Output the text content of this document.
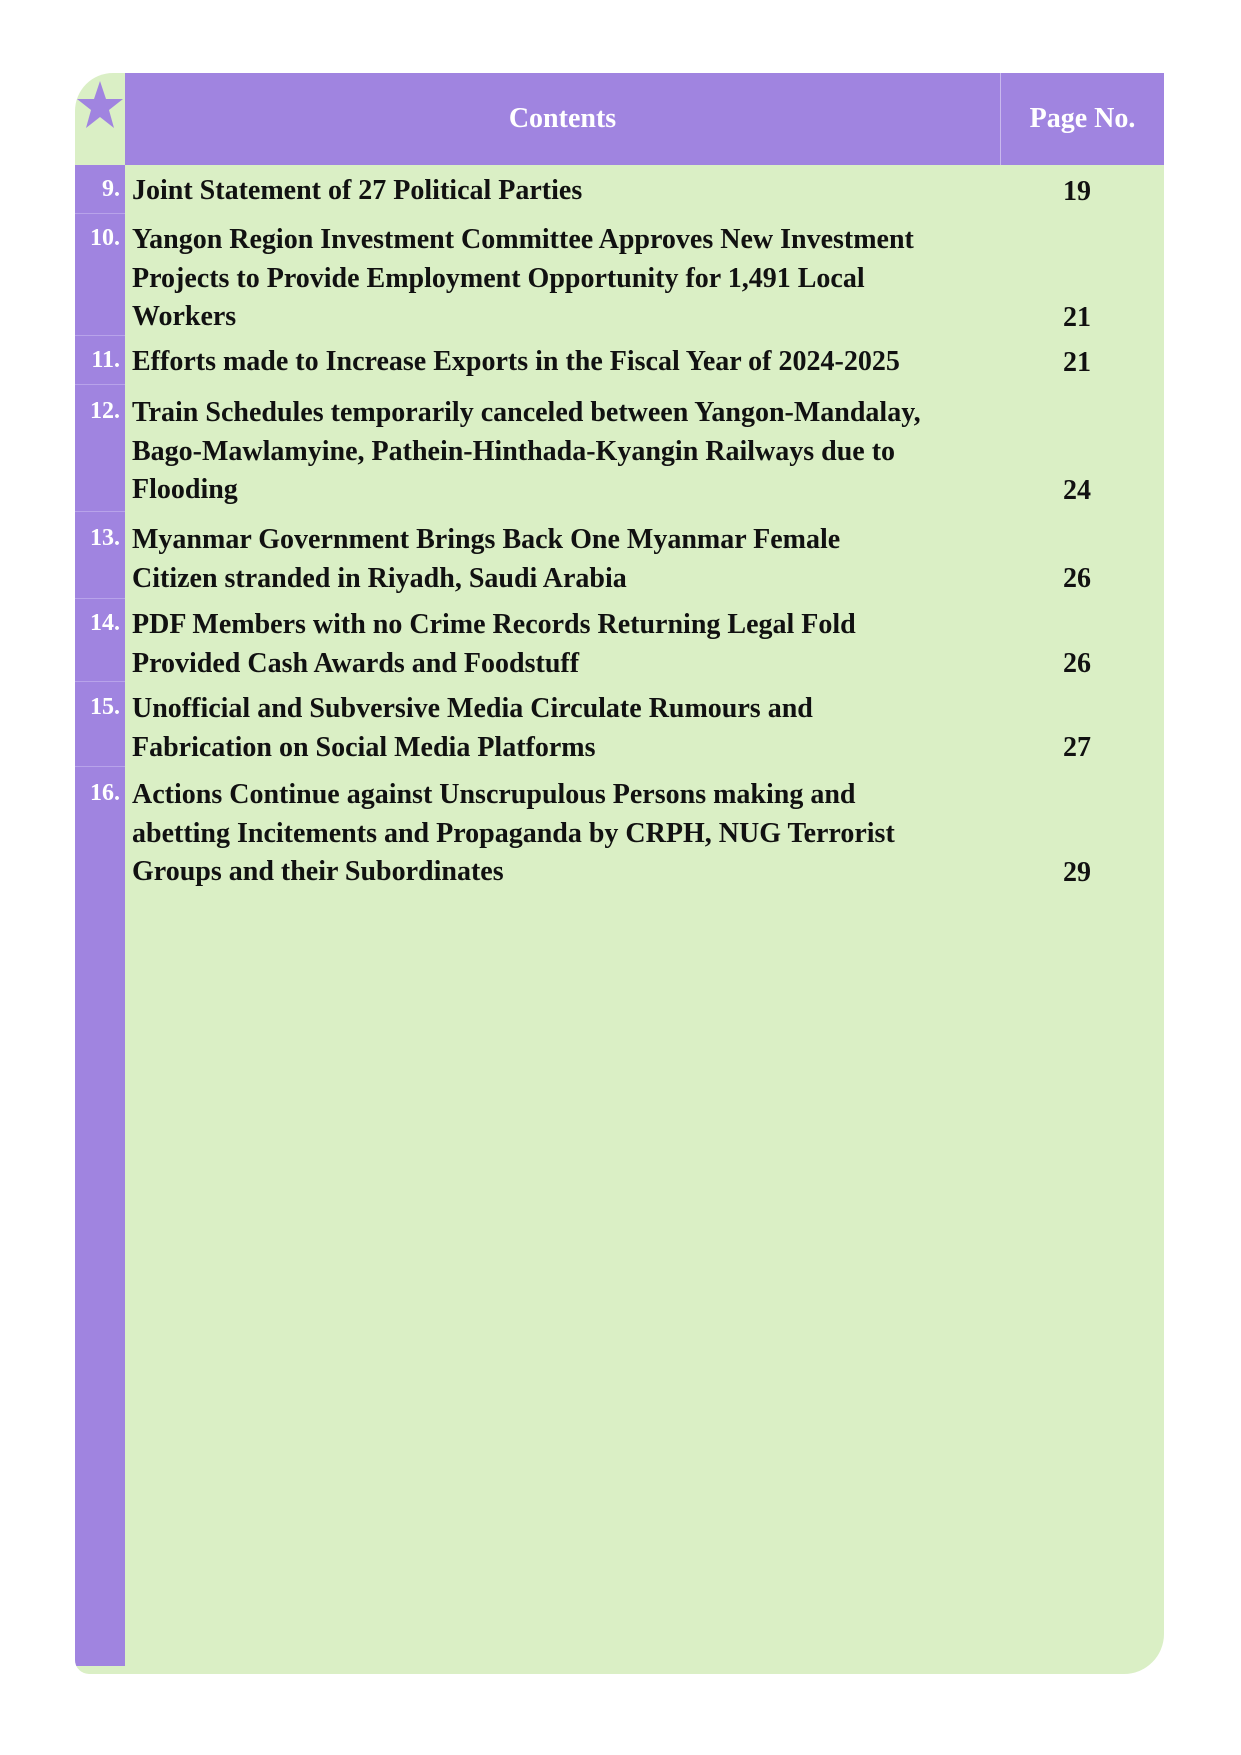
Contents	Page No.
9. Joint Statement of 27 Political Parties	19
10. Yangon Region Investment Committee Approves New Investment
Projects to Provide Employment Opportunity for 1,491 Local
Workers	21
11. Efforts made to Increase Exports in the Fiscal Year of 2024-2025	21
12. Train Schedules temporarily canceled between Yangon-Mandalay,
Bago-Mawlamyine, Pathein-Hinthada-Kyangin Railways due to
Flooding	24
13. Myanmar Government Brings Back One Myanmar Female
Citizen stranded in Riyadh, Saudi Arabia	26
14. PDF Members with no Crime Records Returning Legal Fold
Provided Cash Awards and Foodstuff	26
15. Unofficial and Subversive Media Circulate Rumours and
Fabrication on Social Media Platforms	27
16. Actions Continue against Unscrupulous Persons making and
abetting Incitements and Propaganda by CRPH, NUG Terrorist
Groups and their Subordinates	29
